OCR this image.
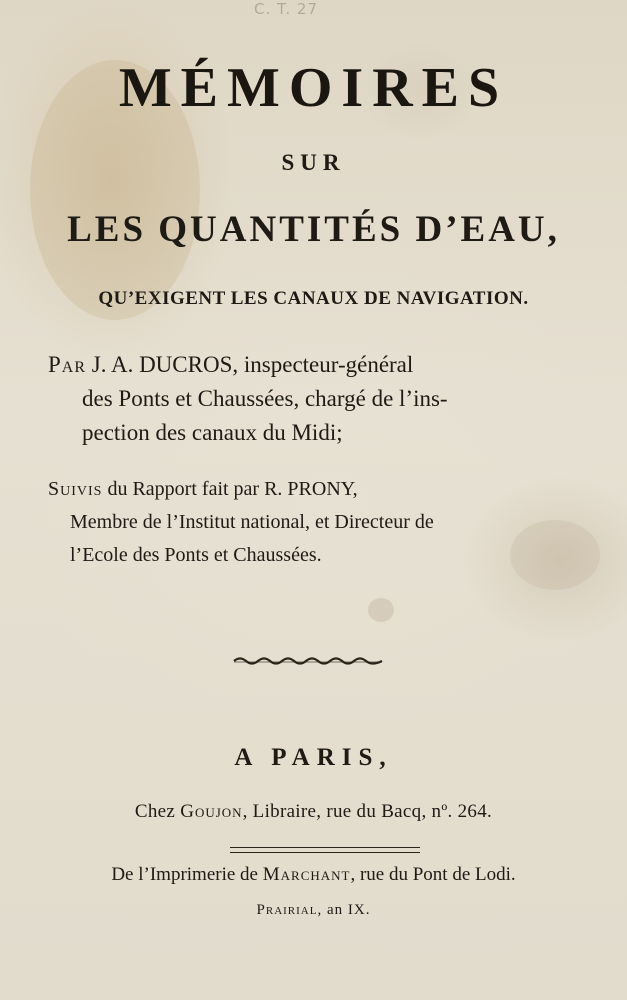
C. T. 27
MÉMOIRES
SUR
LES QUANTITÉS D’EAU,
QU’EXIGENT LES CANAUX DE NAVIGATION.
Par J. A. DUCROS, inspecteur-général
des Ponts et Chaussées, chargé de l’ins-
pection des canaux du Midi;
Suivis du Rapport fait par R. PRONY,
Membre de l’Institut national, et Directeur de
l’Ecole des Ponts et Chaussées.
A PARIS,
Chez Goujon, Libraire, rue du Bacq, nº. 264.
De l’Imprimerie de Marchant, rue du Pont de Lodi.
Prairial, an IX.
